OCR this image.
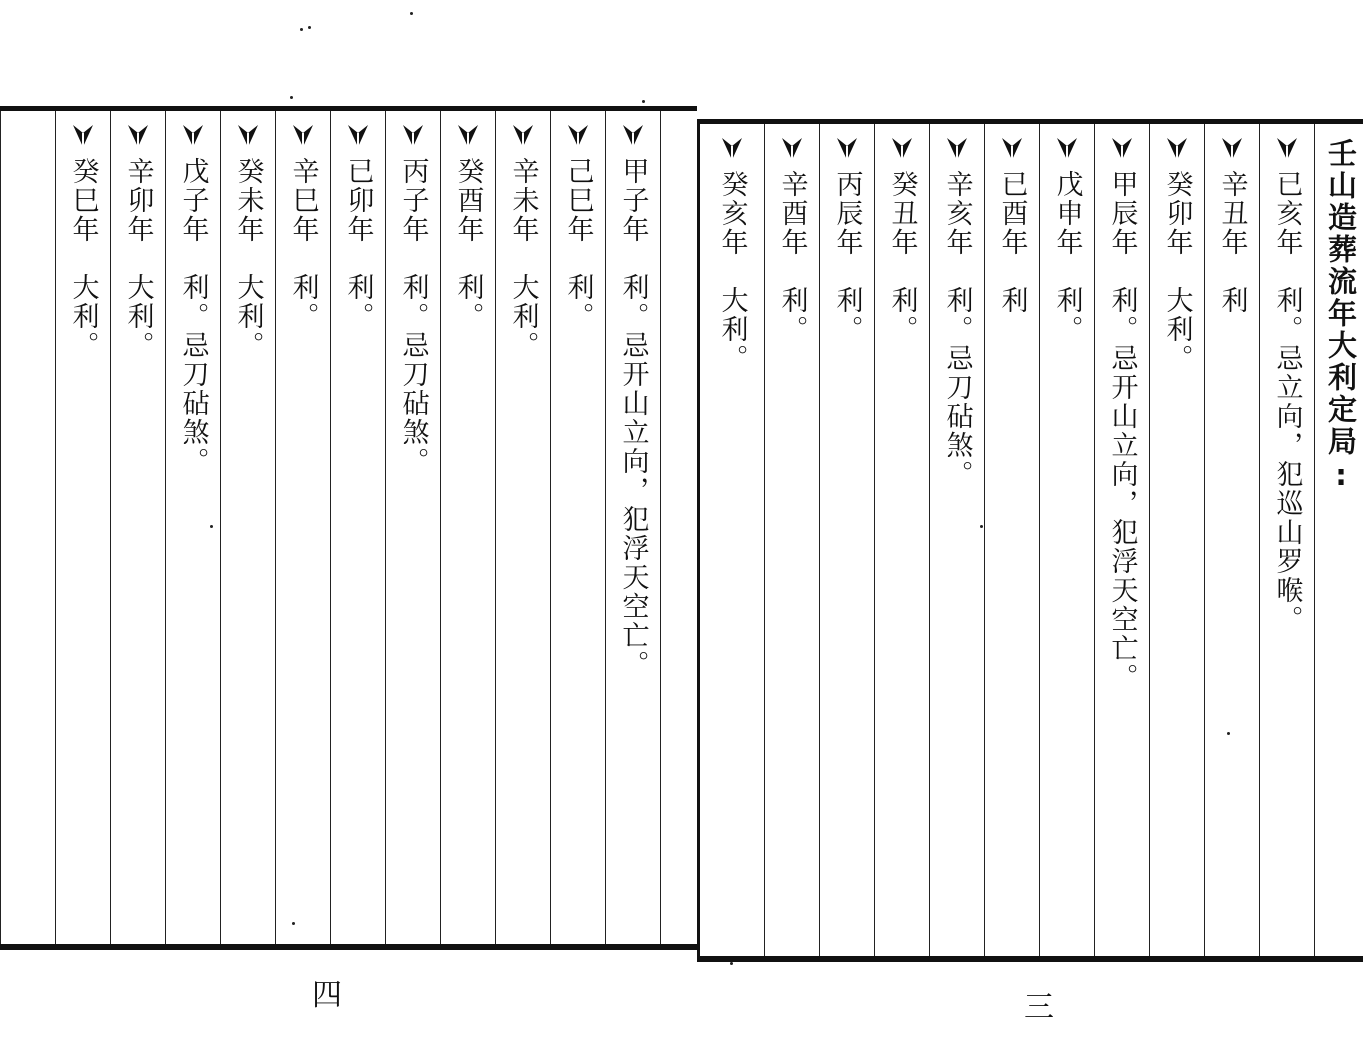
癸巳年　大利。 辛卯年　大利。 戊子年　利。忌刀砧煞。 癸未年　大利。 辛巳年　利。 已卯年　利。 丙子年　利。忌刀砧煞。 癸酉年　利。 辛未年　大利。 己巳年　利。 甲子年　利。忌开山立向，犯浮天空亡。
四
癸亥年　大利。 辛酉年　利。 丙辰年　利。 癸丑年　利。 辛亥年　利。忌刀砧煞。 已酉年　利 戊申年　利。 甲辰年　利。忌开山立向，犯浮天空亡。 癸卯年　大利。 辛丑年　利 已亥年　利。忌立向，犯巡山罗喉。 壬山造葬流年大利定局:
三
